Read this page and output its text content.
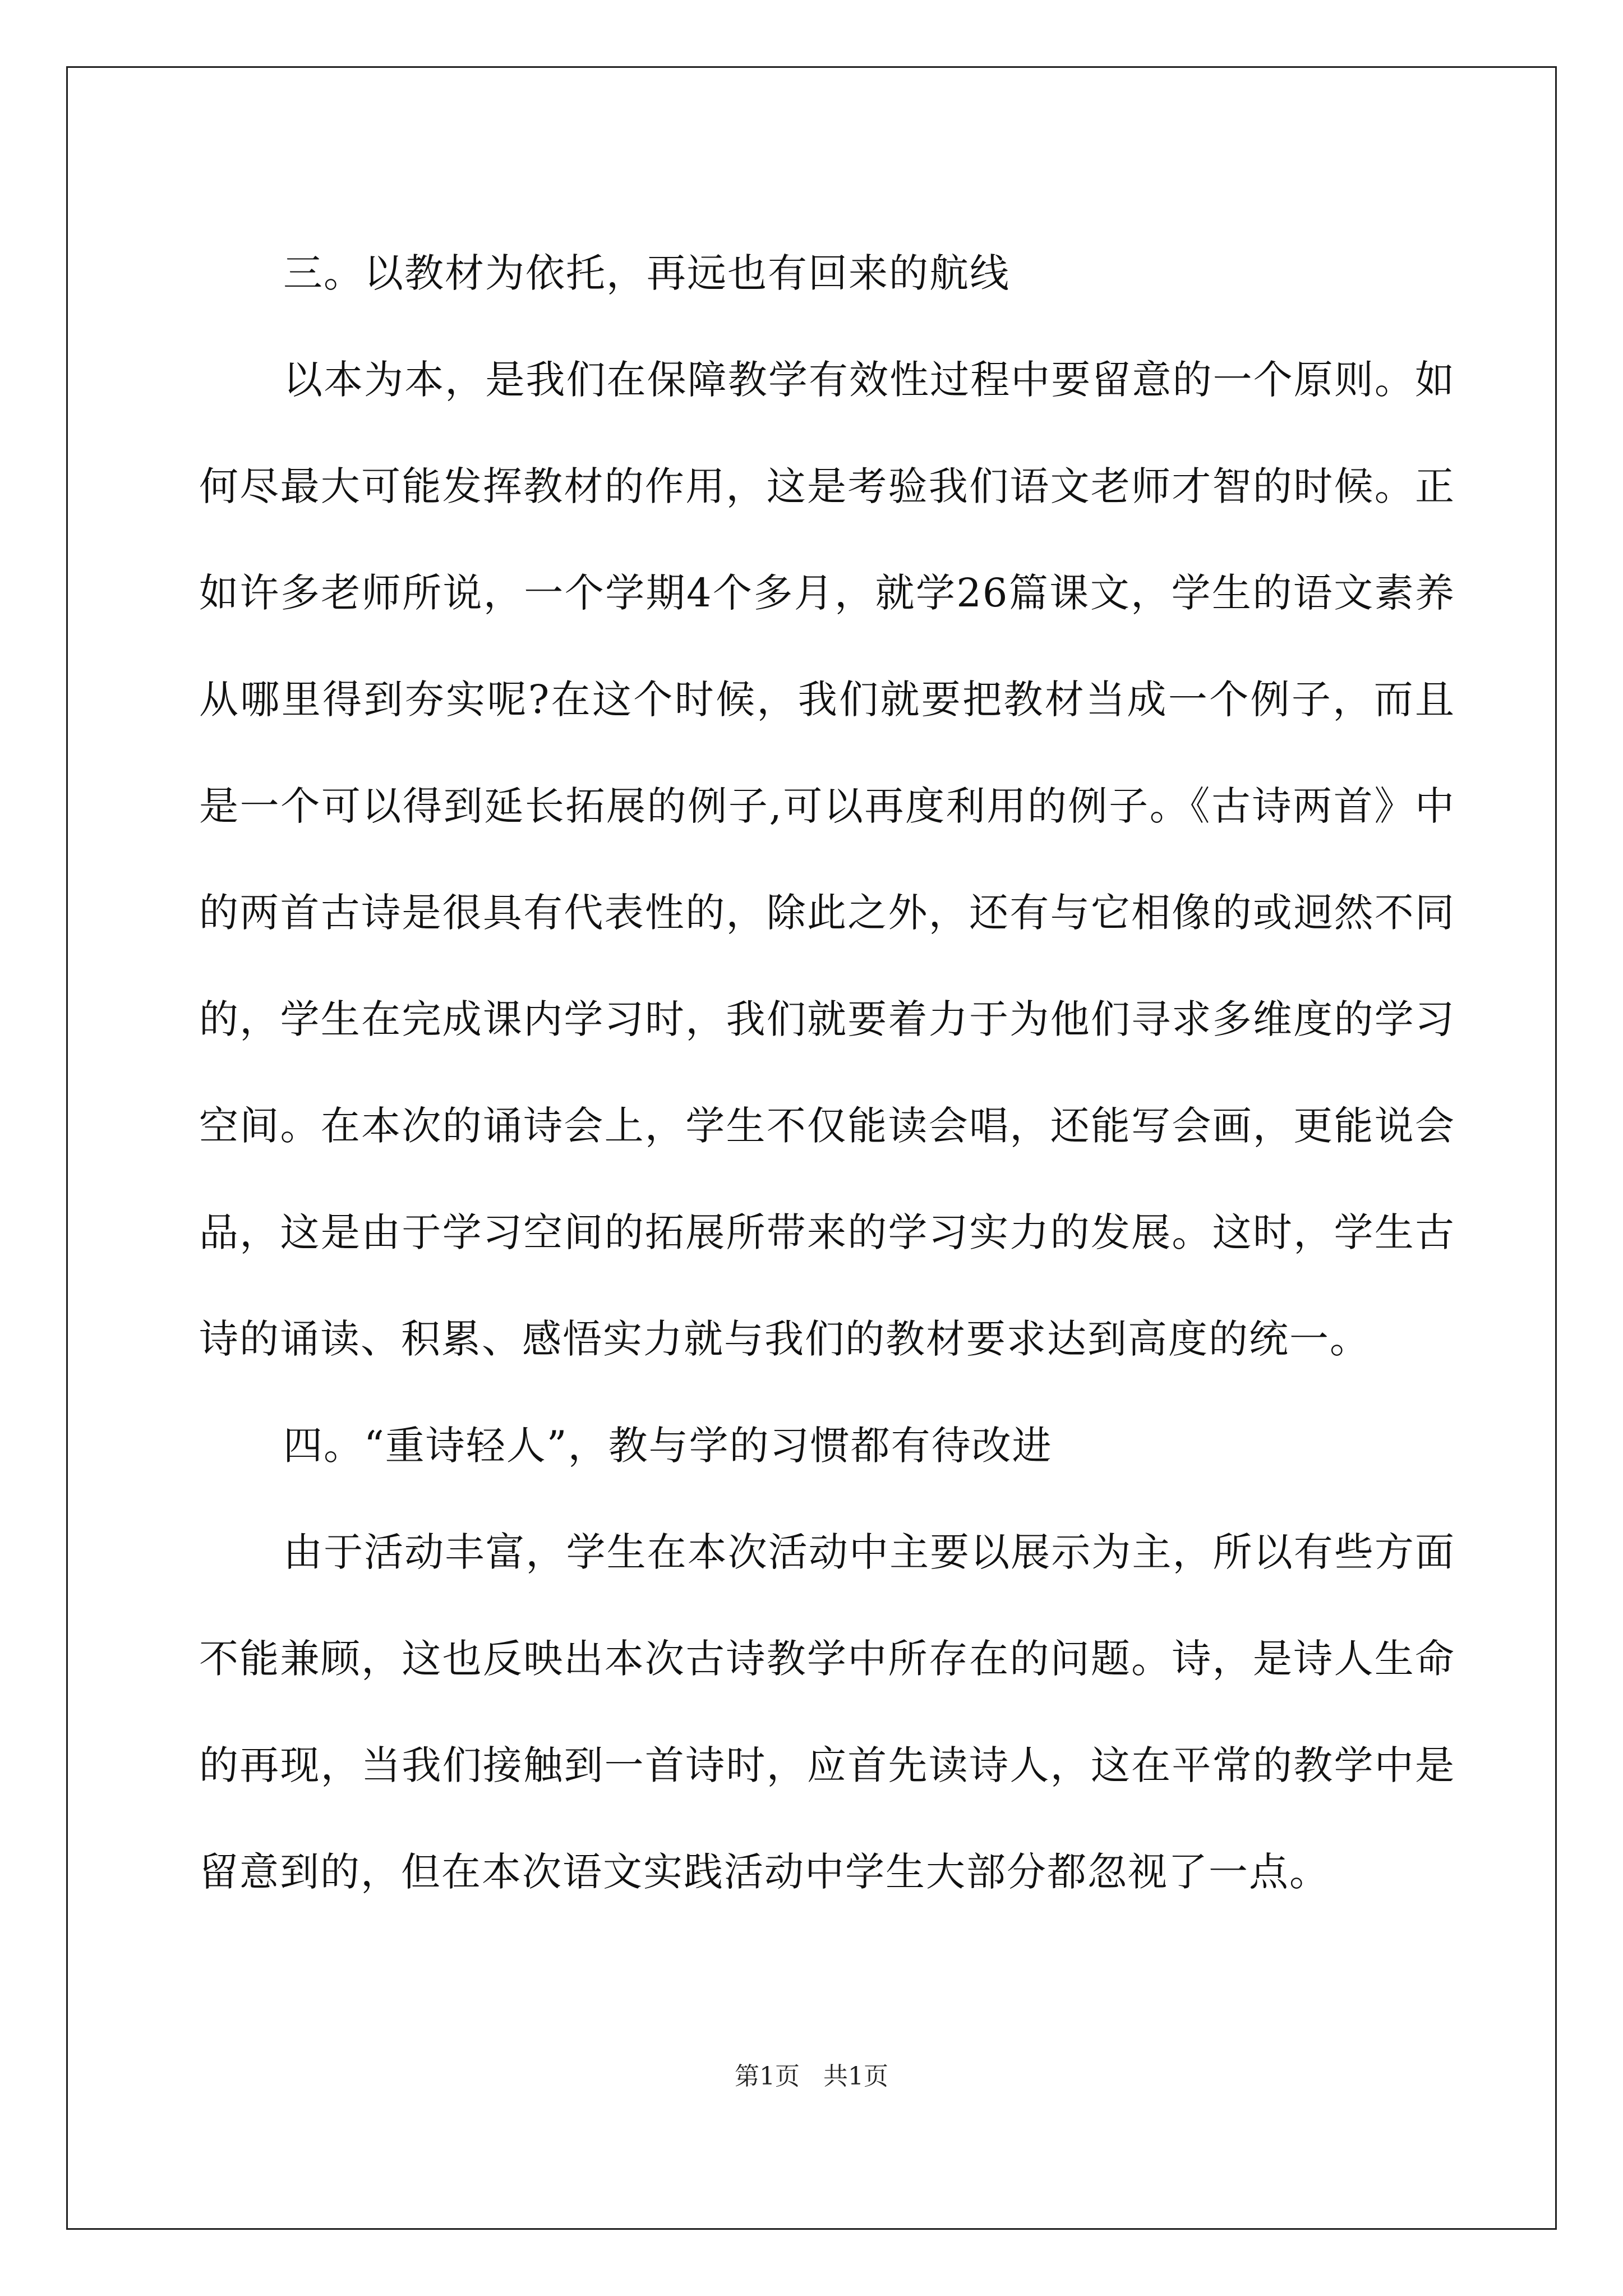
三。以教材为依托，再远也有回来的航线

以本为本，是我们在保障教学有效性过程中要留意的一个原则。如何尽最大可能发挥教材的作用，这是考验我们语文老师才智的时候。正如许多老师所说，一个学期4个多月，就学26篇课文，学生的语文素养从哪里得到夯实呢?在这个时候，我们就要把教材当成一个例子，而且是一个可以得到延长拓展的例子,可以再度利用的例子。《古诗两首》中的两首古诗是很具有代表性的，除此之外，还有与它相像的或迥然不同的，学生在完成课内学习时，我们就要着力于为他们寻求多维度的学习空间。在本次的诵诗会上，学生不仅能读会唱，还能写会画，更能说会品，这是由于学习空间的拓展所带来的学习实力的发展。这时，学生古诗的诵读、积累、感悟实力就与我们的教材要求达到高度的统一。

四。“重诗轻人”，教与学的习惯都有待改进

由于活动丰富，学生在本次活动中主要以展示为主，所以有些方面不能兼顾，这也反映出本次古诗教学中所存在的问题。诗，是诗人生命的再现，当我们接触到一首诗时，应首先读诗人，这在平常的教学中是留意到的，但在本次语文实践活动中学生大部分都忽视了一点。

第1页   共1页
